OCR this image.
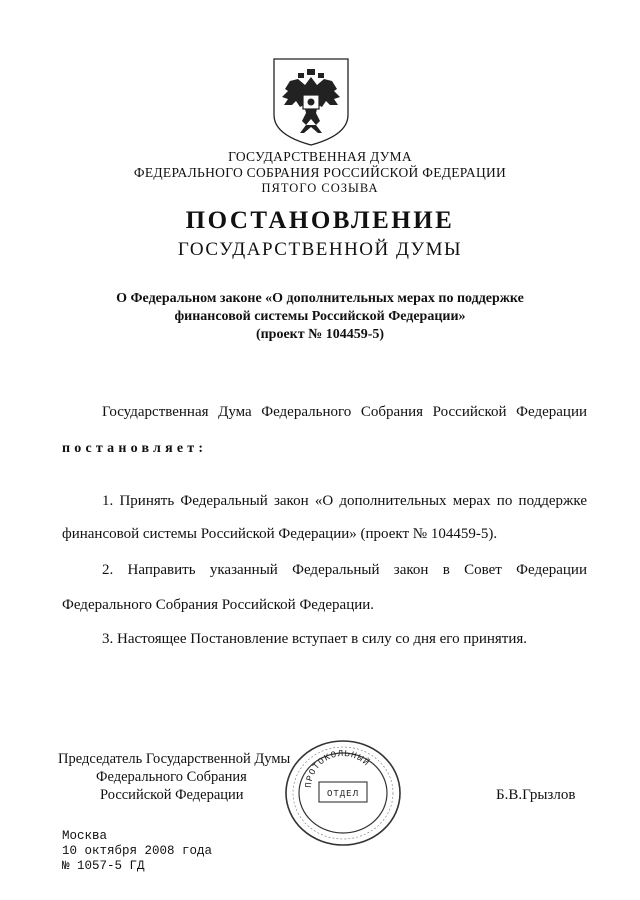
ГОСУДАРСТВЕННАЯ ДУМА
ФЕДЕРАЛЬНОГО СОБРАНИЯ РОССИЙСКОЙ ФЕДЕРАЦИИ
ПЯТОГО СОЗЫВА
ПОСТАНОВЛЕНИЕ
ГОСУДАРСТВЕННОЙ ДУМЫ
О Федеральном законе «О дополнительных мерах по поддержке
финансовой системы Российской Федерации»
(проект № 104459-5)
Государственная Дума Федерального Собрания Российской Федерации
постановляет:
1. Принять Федеральный закон «О дополнительных мерах по поддержке
финансовой системы Российской Федерации» (проект № 104459-5).
2. Направить указанный Федеральный закон в Совет Федерации
Федерального Собрания Российской Федерации.
3. Настоящее Постановление вступает в силу со дня его принятия.
Председатель Государственной Думы
Федерального Собрания
Российской Федерации	Б.В.Грызлов
ПРОТОКОЛЬНЫЙ
ОТДЕЛ
Москва
10 октября 2008 года
№ 1057-5 ГД
